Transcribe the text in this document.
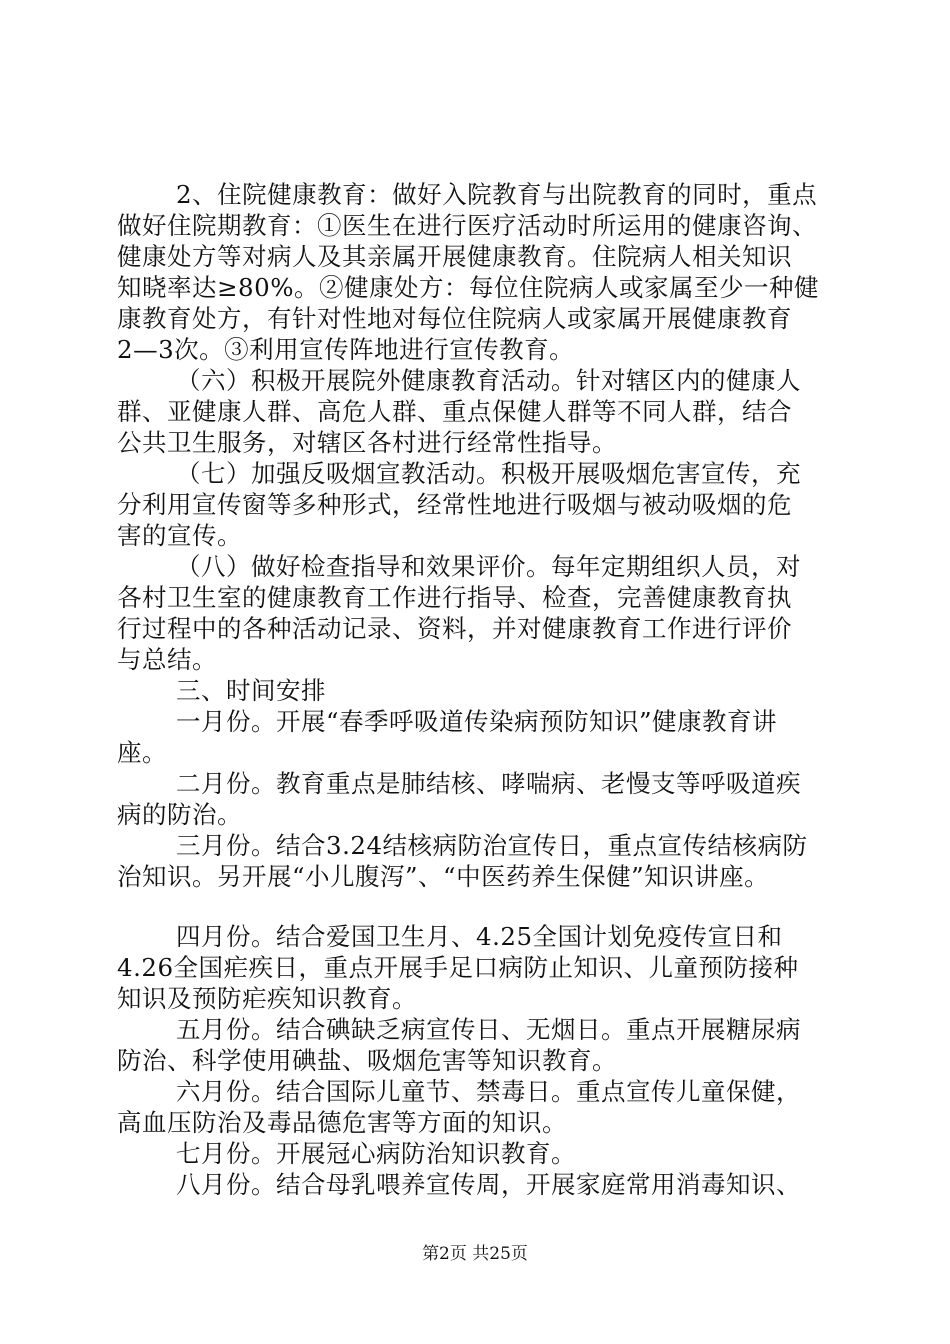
2、住院健康教育：做好入院教育与出院教育的同时，重点
做好住院期教育：①医生在进行医疗活动时所运用的健康咨询、
健康处方等对病人及其亲属开展健康教育。住院病人相关知识
知晓率达≥80%。②健康处方：每位住院病人或家属至少一种健
康教育处方，有针对性地对每位住院病人或家属开展健康教育
2—3次。③利用宣传阵地进行宣传教育。
（六）积极开展院外健康教育活动。针对辖区内的健康人
群、亚健康人群、高危人群、重点保健人群等不同人群，结合
公共卫生服务，对辖区各村进行经常性指导。
（七）加强反吸烟宣教活动。积极开展吸烟危害宣传，充
分利用宣传窗等多种形式，经常性地进行吸烟与被动吸烟的危
害的宣传。
（八）做好检查指导和效果评价。每年定期组织人员，对
各村卫生室的健康教育工作进行指导、检查，完善健康教育执
行过程中的各种活动记录、资料，并对健康教育工作进行评价
与总结。
三、时间安排
一月份。开展“春季呼吸道传染病预防知识”健康教育讲
座。
二月份。教育重点是肺结核、哮喘病、老慢支等呼吸道疾
病的防治。
三月份。结合3.24结核病防治宣传日，重点宣传结核病防
治知识。另开展“小儿腹泻”、“中医药养生保健”知识讲座。
四月份。结合爱国卫生月、4.25全国计划免疫传宣日和
4.26全国疟疾日，重点开展手足口病防止知识、儿童预防接种
知识及预防疟疾知识教育。
五月份。结合碘缺乏病宣传日、无烟日。重点开展糖尿病
防治、科学使用碘盐、吸烟危害等知识教育。
六月份。结合国际儿童节、禁毒日。重点宣传儿童保健，
高血压防治及毒品德危害等方面的知识。
七月份。开展冠心病防治知识教育。
八月份。结合母乳喂养宣传周，开展家庭常用消毒知识、
第2页 共25页
